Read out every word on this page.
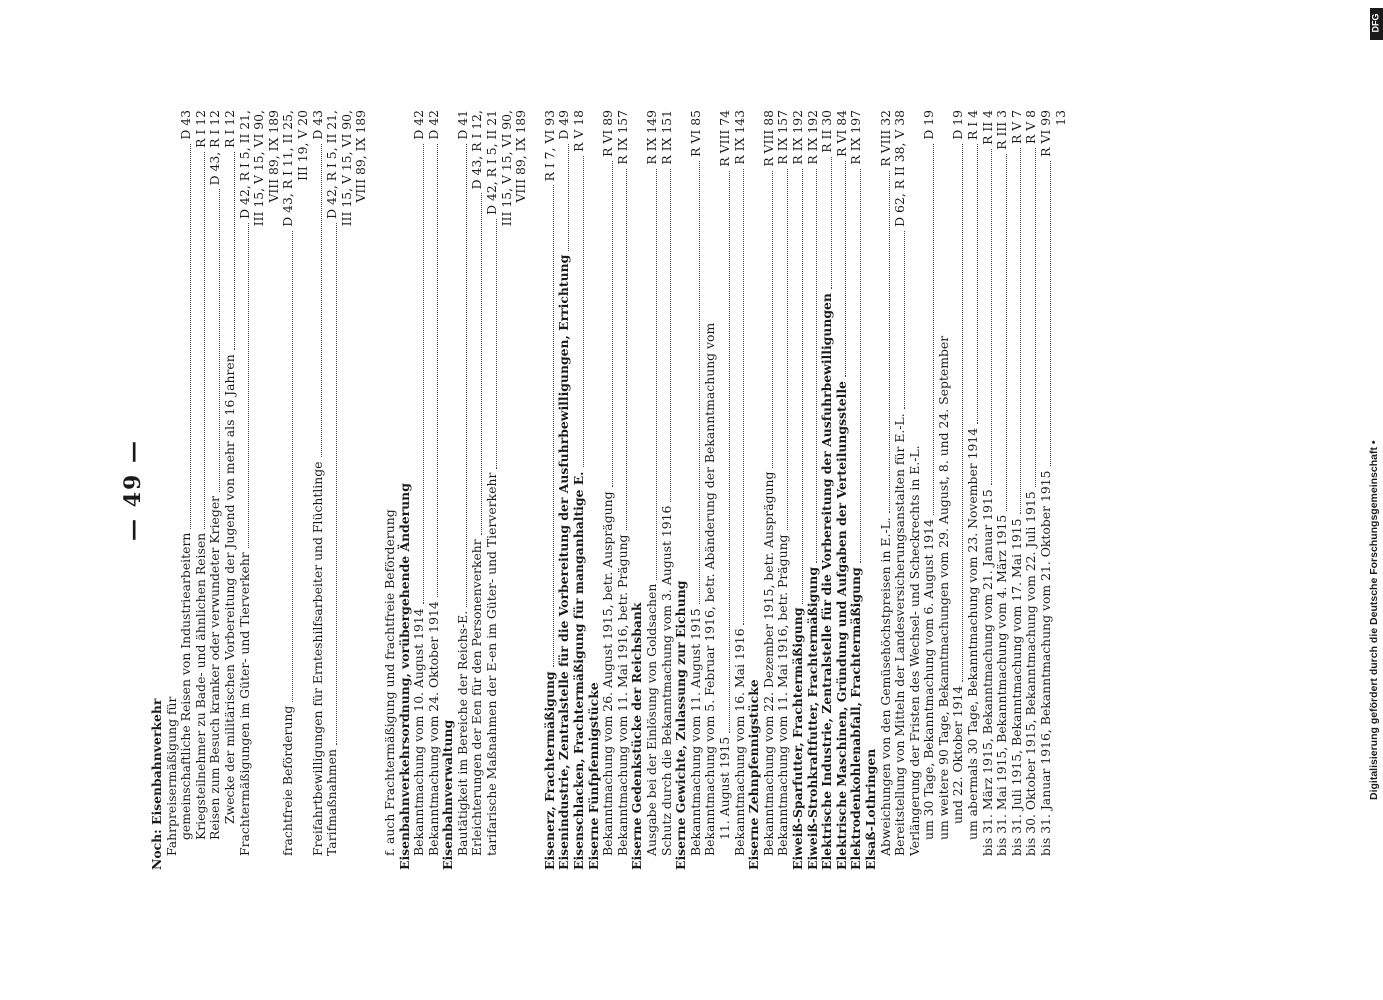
— 49 —
Noch: Eisenbahnverkehr Fahrpreisermäßigung für gemeinschaftliche Reisen von Industriearbeitern
D 43
Kriegsteilnehmer zu Bade- und ähnlichen Reisen
R I 12
Reisen zum Besuch kranker oder verwundeter Krieger
D 43, R I 12
Zwecke der militärischen Vorbereitung der Jugend von mehr als 16 Jahren
R I 12
Frachtermäßigungen im Güter- und Tierverkehr
D 42, R I 5, II 21, III 15, V 15, VI 90, VIII 89, IX 189
frachtfreie Beförderung
D 43, R I 11, II 25, III 19, V 20
Freifahrtbewilligungen für Ernteshilfsarbeiter und Flüchtlinge
D 43
Tarifmaßnahmen
D 42, R I 5, II 21, III 15, V 15, VI 90, VIII 89, IX 189
f. auch Frachtermäßigung und frachtfreie Beförderung Eisenbahnverkehrsordnung, vorübergehende Änderung Bekanntmachung vom 10. August 1914
D 42
Bekanntmachung vom 24. Oktober 1914
D 42
Eisenbahnverwaltung Bautätigkeit im Bereiche der Reichs-E.
D 41
Erleichterungen der Een für den Personenverkehr
D 43, R I 12,
tarifarische Maßnahmen der E-en im Güter- und Tierverkehr
D 42, R I 5, II 21 III 15, V 15, VI 90, VIII 89, IX 189
Eisenerz, Frachtermäßigung
R I 7, VI 93
Eisenindustrie, Zentralstelle für die Vorbereitung der Ausfuhrbewilligungen, Errichtung
D 49
Eisenschlacken, Frachtermäßigung für manganhaltige E.
R V 18
Eiserne Fünfpfennigstücke Bekanntmachung vom 26. August 1915, betr. Ausprägung
R VI 89
Bekanntmachung vom 11. Mai 1916, betr. Prägung
R IX 157
Eiserne Gedenkstücke der Reichsbank Ausgabe bei der Einlösung von Goldsachen
R IX 149
Schutz durch die Bekanntmachung vom 3. August 1916
R IX 151
Eiserne Gewichte, Zulassung zur Eichung Bekanntmachung vom 11. August 1915
R VI 85
Bekanntmachung vom 5. Februar 1916, betr. Abänderung der Bekanntmachung vom 11. August 1915
R VIII 74
Bekanntmachung vom 16. Mai 1916
R IX 143
Eiserne Zehnpfennigstücke Bekanntmachung vom 22. Dezember 1915, betr. Ausprägung
R VIII 88
Bekanntmachung vom 11. Mai 1916, betr. Prägung
R IX 157
Eiweiß-Sparfutter, Frachtermäßigung
R IX 192
Eiweiß-Strohkraftfutter, Frachtermäßigung
R IX 192
Elektrische Industrie, Zentralstelle für die Vorbereitung der Ausfuhrbewilligungen
R II 30
Elektrische Maschinen, Gründung und Aufgaben der Verteilungsstelle
R VI 84
Elektrodenkohlenabfall, Frachtermäßigung
R IX 197
Elsaß-Lothringen Abweichungen von den Gemüsehöchstpreisen in E.-L.
R VIII 32
Bereitstellung von Mitteln der Landesversicherungsanstalten für E.-L.
D 62, R II 38, V 38
Verlängerung der Fristen des Wechsel- und Scheckrechts in E.-L. um 30 Tage, Bekanntmachung vom 6. August 1914
D 19
um weitere 90 Tage, Bekanntmachungen vom 29. August, 8. und 24. September und 22. Oktober 1914
D 19
um abermals 30 Tage, Bekanntmachung vom 23. November 1914
R I 4
bis 31. März 1915, Bekanntmachung vom 21. Januar 1915
R II 4
bis 31. Mai 1915, Bekanntmachung vom 4. März 1915
R III 3
bis 31. Juli 1915, Bekanntmachung vom 17. Mai 1915
R V 7
bis 30. Oktober 1915, Bekanntmachung vom 22. Juli 1915
R V 8
bis 31. Januar 1916, Bekanntmachung vom 21. Oktober 1915
R VI 99 13
DFG
Digitalisierung gefördert durch die Deutsche Forschungsgemeinschaft •
